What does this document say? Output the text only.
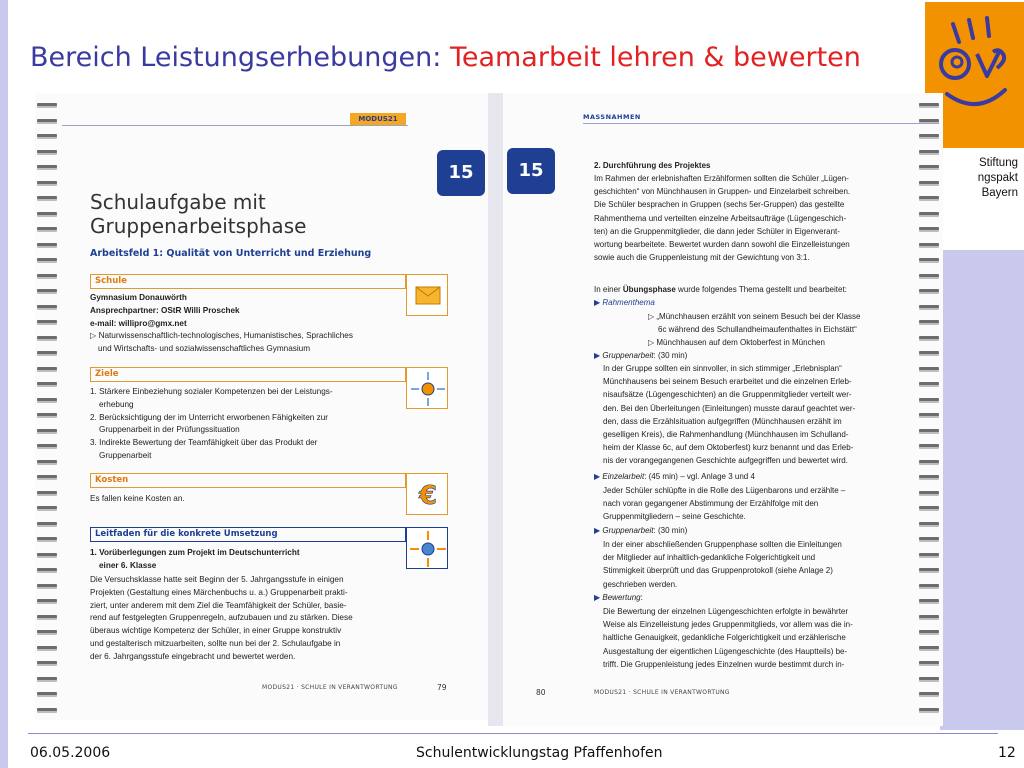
Bereich Leistungserhebungen: Teamarbeit lehren & bewerten
Stiftung
ngspakt
Bayern
MODUS21
15
Schulaufgabe mit
Gruppenarbeitsphase
Arbeitsfeld 1: Qualität von Unterricht und Erziehung
Schule
Gymnasium Donauwörth
Ansprechpartner: OStR Willi Proschek
e-mail: willipro@gmx.net
▷ Naturwissenschaftlich-technologisches, Humanistisches, Sprachliches
und Wirtschafts- und sozialwissenschaftliches Gymnasium
Ziele
1. Stärkere Einbeziehung sozialer Kompetenzen bei der Leistungs-
erhebung
2. Berücksichtigung der im Unterricht erworbenen Fähigkeiten zur
Gruppenarbeit in der Prüfungssituation
3. Indirekte Bewertung der Teamfähigkeit über das Produkt der
Gruppenarbeit
Kosten
€
Es fallen keine Kosten an.
Leitfaden für die konkrete Umsetzung
1. Vorüberlegungen zum Projekt im Deutschunterricht
einer 6. Klasse
Die Versuchsklasse hatte seit Beginn der 5. Jahrgangsstufe in einigen
Projekten (Gestaltung eines Märchenbuchs u. a.) Gruppenarbeit prakti-
ziert, unter anderem mit dem Ziel die Teamfähigkeit der Schüler, basie-
rend auf festgelegten Gruppenregeln, aufzubauen und zu stärken. Diese
überaus wichtige Kompetenz der Schüler, in einer Gruppe konstruktiv
und gestalterisch mitzuarbeiten, sollte nun bei der 2. Schulaufgabe in
der 6. Jahrgangsstufe eingebracht und bewertet werden.
MODUS21 · SCHULE IN VERANTWORTUNG	79
MASSNAHMEN
15	2. Durchführung des Projektes
Im Rahmen der erlebnishaften Erzählformen sollten die Schüler „Lügen-
geschichten“ von Münchhausen in Gruppen- und Einzelarbeit schreiben.
Die Schüler besprachen in Gruppen (sechs 5er-Gruppen) das gestellte
Rahmenthema und verteilten einzelne Arbeitsaufträge (Lügengeschich-
ten) an die Gruppenmitglieder, die dann jeder Schüler in Eigenverant-
wortung bearbeitete. Bewertet wurden dann sowohl die Einzelleistungen
sowie auch die Gruppenleistung mit der Gewichtung von 3:1.
In einer Übungsphase wurde folgendes Thema gestellt und bearbeitet:
▶ Rahmenthema
▷ „Münchhausen erzählt von seinem Besuch bei der Klasse
6c während des Schullandheimaufenthaltes in Eichstätt“
▷ Münchhausen auf dem Oktoberfest in München
▶ Gruppenarbeit: (30 min)
In der Gruppe sollten ein sinnvoller, in sich stimmiger „Erlebnisplan“
Münchhausens bei seinem Besuch erarbeitet und die einzelnen Erleb-
nisaufsätze (Lügengeschichten) an die Gruppenmitglieder verteilt wer-
den. Bei den Überleitungen (Einleitungen) musste darauf geachtet wer-
den, dass die Erzählsituation aufgegriffen (Münchhausen erzählt im
geselligen Kreis), die Rahmenhandlung (Münchhausen im Schulland-
heim der Klasse 6c, auf dem Oktoberfest) kurz benannt und das Erleb-
nis der vorangegangenen Geschichte aufgegriffen und bewertet wird.
▶ Einzelarbeit: (45 min) – vgl. Anlage 3 und 4
Jeder Schüler schlüpfte in die Rolle des Lügenbarons und erzählte –
nach voran gegangener Abstimmung der Erzählfolge mit den
Gruppenmitgliedern – seine Geschichte.
▶ Gruppenarbeit: (30 min)
In der einer abschließenden Gruppenphase sollten die Einleitungen
der Mitglieder auf inhaltlich-gedankliche Folgerichtigkeit und
Stimmigkeit überprüft und das Gruppenprotokoll (siehe Anlage 2)
geschrieben werden.
▶ Bewertung:
Die Bewertung der einzelnen Lügengeschichten erfolgte in bewährter
Weise als Einzelleistung jedes Gruppenmitglieds, vor allem was die in-
haltliche Genauigkeit, gedankliche Folgerichtigkeit und erzählerische
Ausgestaltung der eigentlichen Lügengeschichte (des Hauptteils) be-
trifft. Die Gruppenleistung jedes Einzelnen wurde bestimmt durch in-
80	MODUS21 · SCHULE IN VERANTWORTUNG
06.05.2006	Schulentwicklungstag Pfaffenhofen	12
